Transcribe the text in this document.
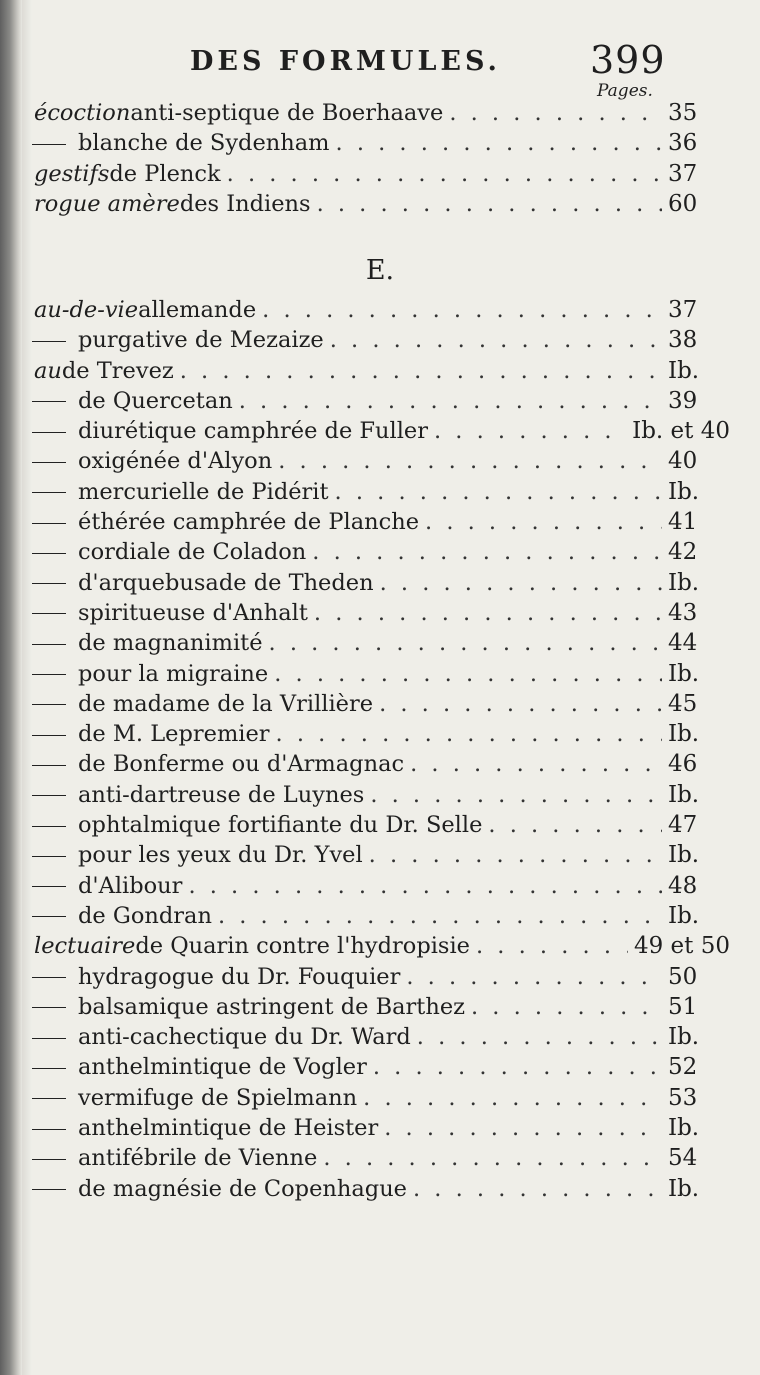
DES FORMULES. 399
Pages.
écoction anti-septique de Boerhaave . . .	35
blanche de Sydenham . . .	36
gestifs de Plenck . . .	37
rogue amère des Indiens . . .	60
E.
au-de-vie allemande . . .	37
purgative de Mezaize . . .	38
au de Trevez . . .	Ib.
de Quercetan . . .	39
diurétique camphrée de Fuller . . .	Ib. et 40
oxigénée d'Alyon . . .	40
mercurielle de Pidérit . . .	Ib.
éthérée camphrée de Planche . . .	41
cordiale de Coladon . . .	42
d'arquebusade de Theden . . .	Ib.
spiritueuse d'Anhalt . . .	43
de magnanimité . . .	44
pour la migraine . . .	Ib.
de madame de la Vrillière . . .	45
de M. Lepremier . . .	Ib.
de Bonferme ou d'Armagnac . . .	46
anti-dartreuse de Luynes . . .	Ib.
ophtalmique fortifiante du Dr. Selle . . .	47
pour les yeux du Dr. Yvel . . .	Ib.
d'Alibour . . .	48
de Gondran . . .	Ib.
lectuaire de Quarin contre l'hydropisie . . .	49 et 50
hydragogue du Dr. Fouquier . . .	50
balsamique astringent de Barthez . . .	51
anti-cachectique du Dr. Ward . . .	Ib.
anthelmintique de Vogler . . .	52
vermifuge de Spielmann . . .	53
anthelmintique de Heister . . .	Ib.
antifébrile de Vienne . . .	54
de magnésie de Copenhague . . .	Ib.
